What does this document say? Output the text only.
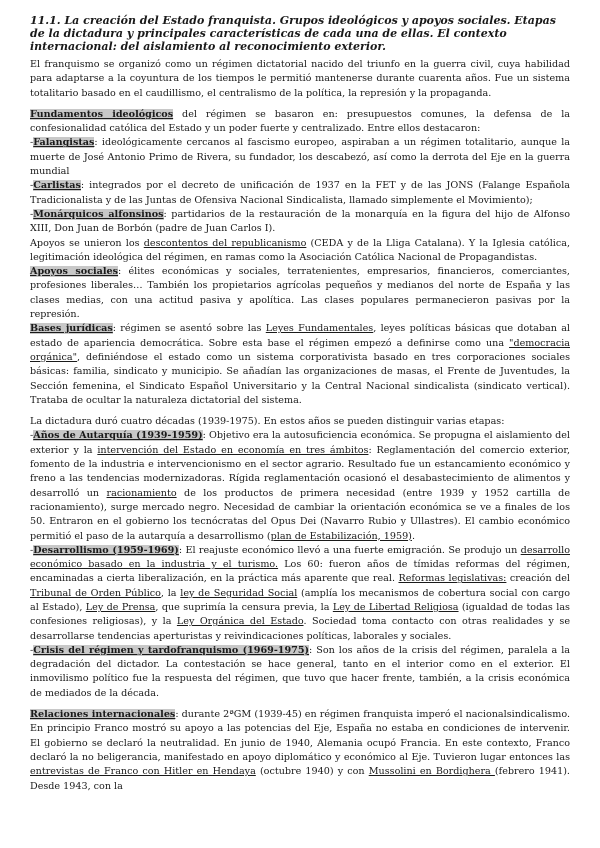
11.1. La creación del Estado franquista. Grupos ideológicos y apoyos sociales. Etapas de la dictadura y principales características de cada una de ellas. El contexto internacional: del aislamiento al reconocimiento exterior.

El franquismo se organizó como un régimen dictatorial nacido del triunfo en la guerra civil, cuya habilidad para adaptarse a la coyuntura de los tiempos le permitió mantenerse durante cuarenta años. Fue un sistema totalitario basado en el caudillismo, el centralismo de la política, la represión y la propaganda.

Fundamentos ideológicos del régimen se basaron en: presupuestos comunes, la defensa de la confesionalidad católica del Estado y un poder fuerte y centralizado. Entre ellos destacaron:

-Falangistas: ideológicamente cercanos al fascismo europeo, aspiraban a un régimen totalitario, aunque la muerte de José Antonio Primo de Rivera, su fundador, los descabezó, así como la derrota del Eje en la guerra mundial

-Carlistas: integrados por el decreto de unificación de 1937 en la FET y de las JONS (Falange Española Tradicionalista y de las Juntas de Ofensiva Nacional Sindicalista, llamado simplemente el Movimiento);

-Monárquicos alfonsinos: partidarios de la restauración de la monarquía en la figura del hijo de Alfonso XIII, Don Juan de Borbón (padre de Juan Carlos I).

Apoyos se unieron los descontentos del republicanismo (CEDA y de la Lliga Catalana). Y la Iglesia católica, legitimación ideológica del régimen, en ramas como la Asociación Católica Nacional de Propagandistas.

Apoyos sociales: élites económicas y sociales, terratenientes, empresarios, financieros, comerciantes, profesiones liberales… También los propietarios agrícolas pequeños y medianos del norte de España y las clases medias, con una actitud pasiva y apolítica. Las clases populares permanecieron pasivas por la represión.

Bases jurídicas: régimen se asentó sobre las Leyes Fundamentales, leyes políticas básicas que dotaban al estado de apariencia democrática. Sobre esta base el régimen empezó a definirse como una "democracia orgánica", definiéndose el estado como un sistema corporativista basado en tres corporaciones sociales básicas: familia, sindicato y municipio. Se añadían las organizaciones de masas, el Frente de Juventudes, la Sección femenina, el Sindicato Español Universitario y la Central Nacional sindicalista (sindicato vertical). Trataba de ocultar la naturaleza dictatorial del sistema.

La dictadura duró cuatro décadas (1939-1975). En estos años se pueden distinguir varias etapas:

-Años de Autarquía (1939-1959): Objetivo era la autosuficiencia económica. Se propugna el aislamiento del exterior y la intervención del Estado en economía en tres ámbitos: Reglamentación del comercio exterior, fomento de la industria e intervencionismo en el sector agrario. Resultado fue un estancamiento económico y freno a las tendencias modernizadoras. Rígida reglamentación ocasionó el desabastecimiento de alimentos y desarrolló un racionamiento de los productos de primera necesidad (entre 1939 y 1952 cartilla de racionamiento), surge mercado negro. Necesidad de cambiar la orientación económica se ve a finales de los 50. Entraron en el gobierno los tecnócratas del Opus Dei (Navarro Rubio y Ullastres). El cambio económico permitió el paso de la autarquía a desarrollismo (plan de Estabilización, 1959).

-Desarrollismo (1959-1969): El reajuste económico llevó a una fuerte emigración. Se produjo un desarrollo económico basado en la industria y el turismo. Los 60: fueron años de tímidas reformas del régimen, encaminadas a cierta liberalización, en la práctica más aparente que real. Reformas legislativas: creación del Tribunal de Orden Público, la ley de Seguridad Social (amplía los mecanismos de cobertura social con cargo al Estado), Ley de Prensa, que suprimía la censura previa, la Ley de Libertad Religiosa (igualdad de todas las confesiones religiosas), y la Ley Orgánica del Estado. Sociedad toma contacto con otras realidades y se desarrollarse tendencias aperturistas y reivindicaciones políticas, laborales y sociales.

-Crisis del régimen y tardofranquismo (1969-1975): Son los años de la crisis del régimen, paralela a la degradación del dictador. La contestación se hace general, tanto en el interior como en el exterior. El inmovilismo político fue la respuesta del régimen, que tuvo que hacer frente, también, a la crisis económica de mediados de la década.

Relaciones internacionales: durante 2ªGM (1939-45) en régimen franquista imperó el nacionalsindicalismo. En principio Franco mostró su apoyo a las potencias del Eje, España no estaba en condiciones de intervenir. El gobierno se declaró la neutralidad. En junio de 1940, Alemania ocupó Francia. En este contexto, Franco declaró la no beligerancia, manifestado en apoyo diplomático y económico al Eje. Tuvieron lugar entonces las entrevistas de Franco con Hitler en Hendaya (octubre 1940) y con Mussolini en Bordighera (febrero 1941). Desde 1943, con la
